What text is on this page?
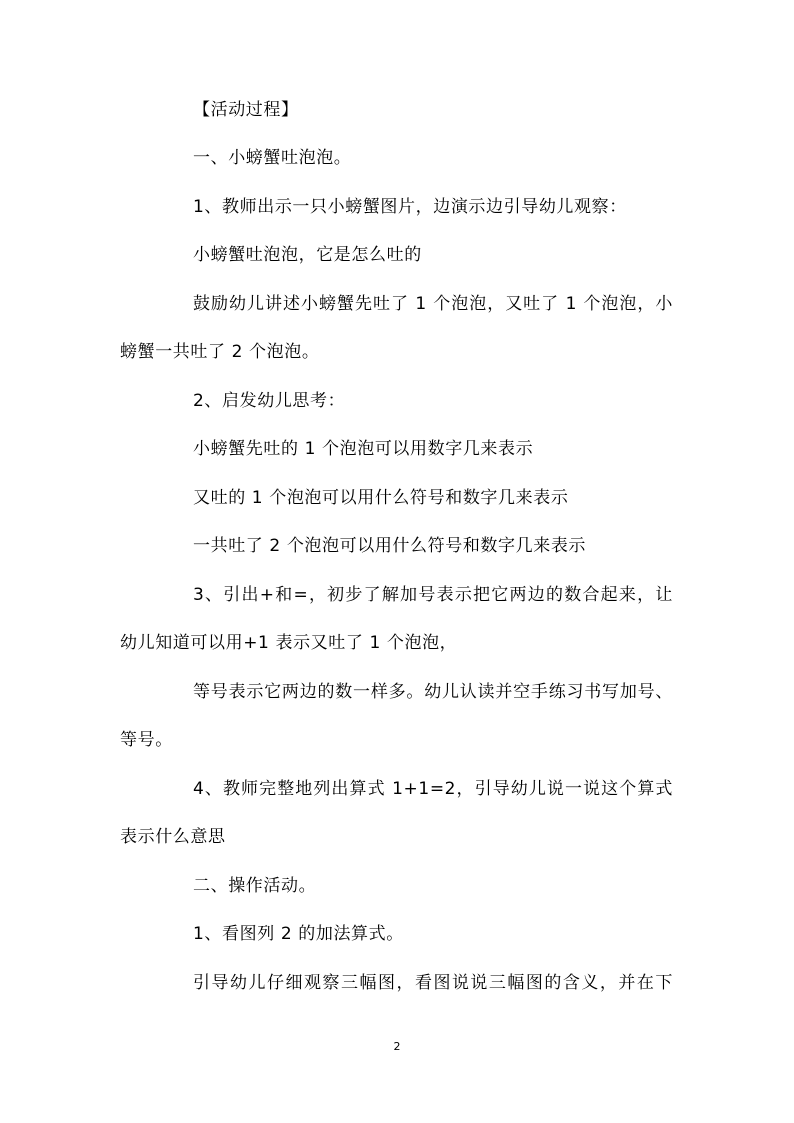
【活动过程】
一、小螃蟹吐泡泡。
1、教师出示一只小螃蟹图片，边演示边引导幼儿观察：
小螃蟹吐泡泡，它是怎么吐的
鼓励幼儿讲述小螃蟹先吐了 1 个泡泡，又吐了 1 个泡泡，小
螃蟹一共吐了 2 个泡泡。
2、启发幼儿思考：
小螃蟹先吐的 1 个泡泡可以用数字几来表示
又吐的 1 个泡泡可以用什么符号和数字几来表示
一共吐了 2 个泡泡可以用什么符号和数字几来表示
3、引出+和=，初步了解加号表示把它两边的数合起来，让
幼儿知道可以用+1 表示又吐了 1 个泡泡，
等号表示它两边的数一样多。幼儿认读并空手练习书写加号、
等号。
4、教师完整地列出算式 1+1=2，引导幼儿说一说这个算式
表示什么意思
二、操作活动。
1、看图列 2 的加法算式。
引导幼儿仔细观察三幅图，看图说说三幅图的含义，并在下
2
